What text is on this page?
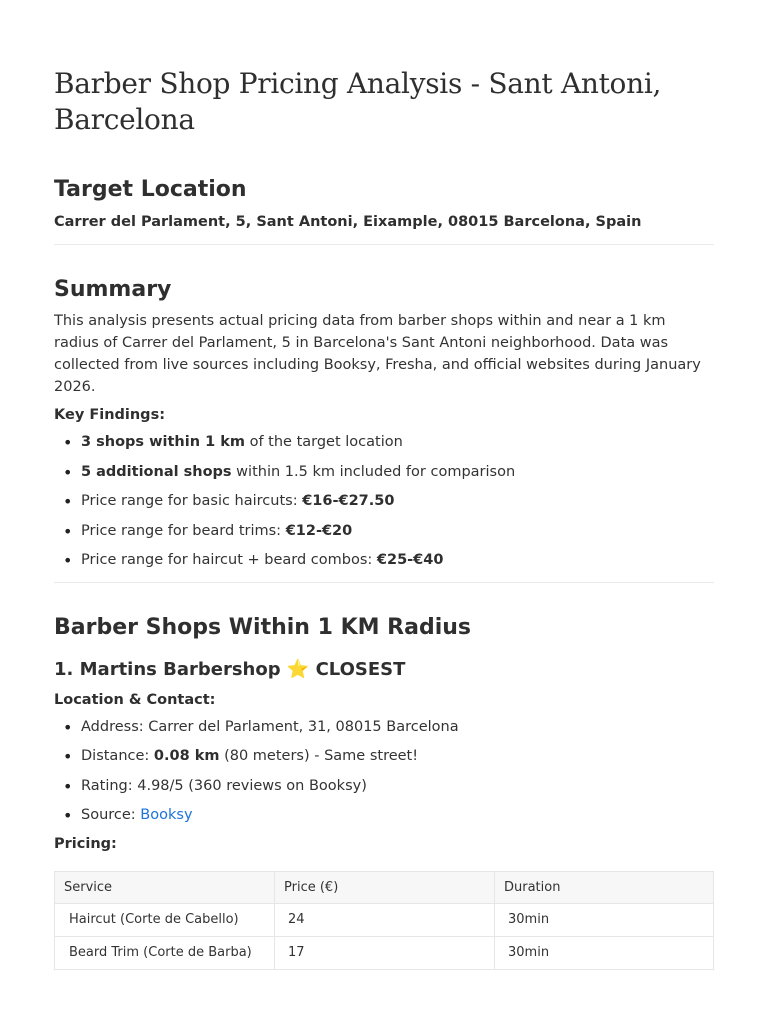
Barber Shop Pricing Analysis - Sant Antoni, Barcelona
Target Location
Carrer del Parlament, 5, Sant Antoni, Eixample, 08015 Barcelona, Spain
Summary

This analysis presents actual pricing data from barber shops within and near a 1 km radius of Carrer del Parlament, 5 in Barcelona's Sant Antoni neighborhood. Data was collected from live sources including Booksy, Fresha, and official websites during January 2026.

Key Findings:
• 3 shops within 1 km of the target location
• 5 additional shops within 1.5 km included for comparison
• Price range for basic haircuts: €16-€27.50
• Price range for beard trims: €12-€20
• Price range for haircut + beard combos: €25-€40
Barber Shops Within 1 KM Radius
1. Martins Barbershop ⭐ CLOSEST
Location & Contact:
• Address: Carrer del Parlament, 31, 08015 Barcelona
• Distance: 0.08 km (80 meters) - Same street!
• Rating: 4.98/5 (360 reviews on Booksy)
• Source: Booksy
Pricing:
Service	Price (€)	Duration
Haircut (Corte de Cabello)	24	30min
Beard Trim (Corte de Barba)	17	30min
